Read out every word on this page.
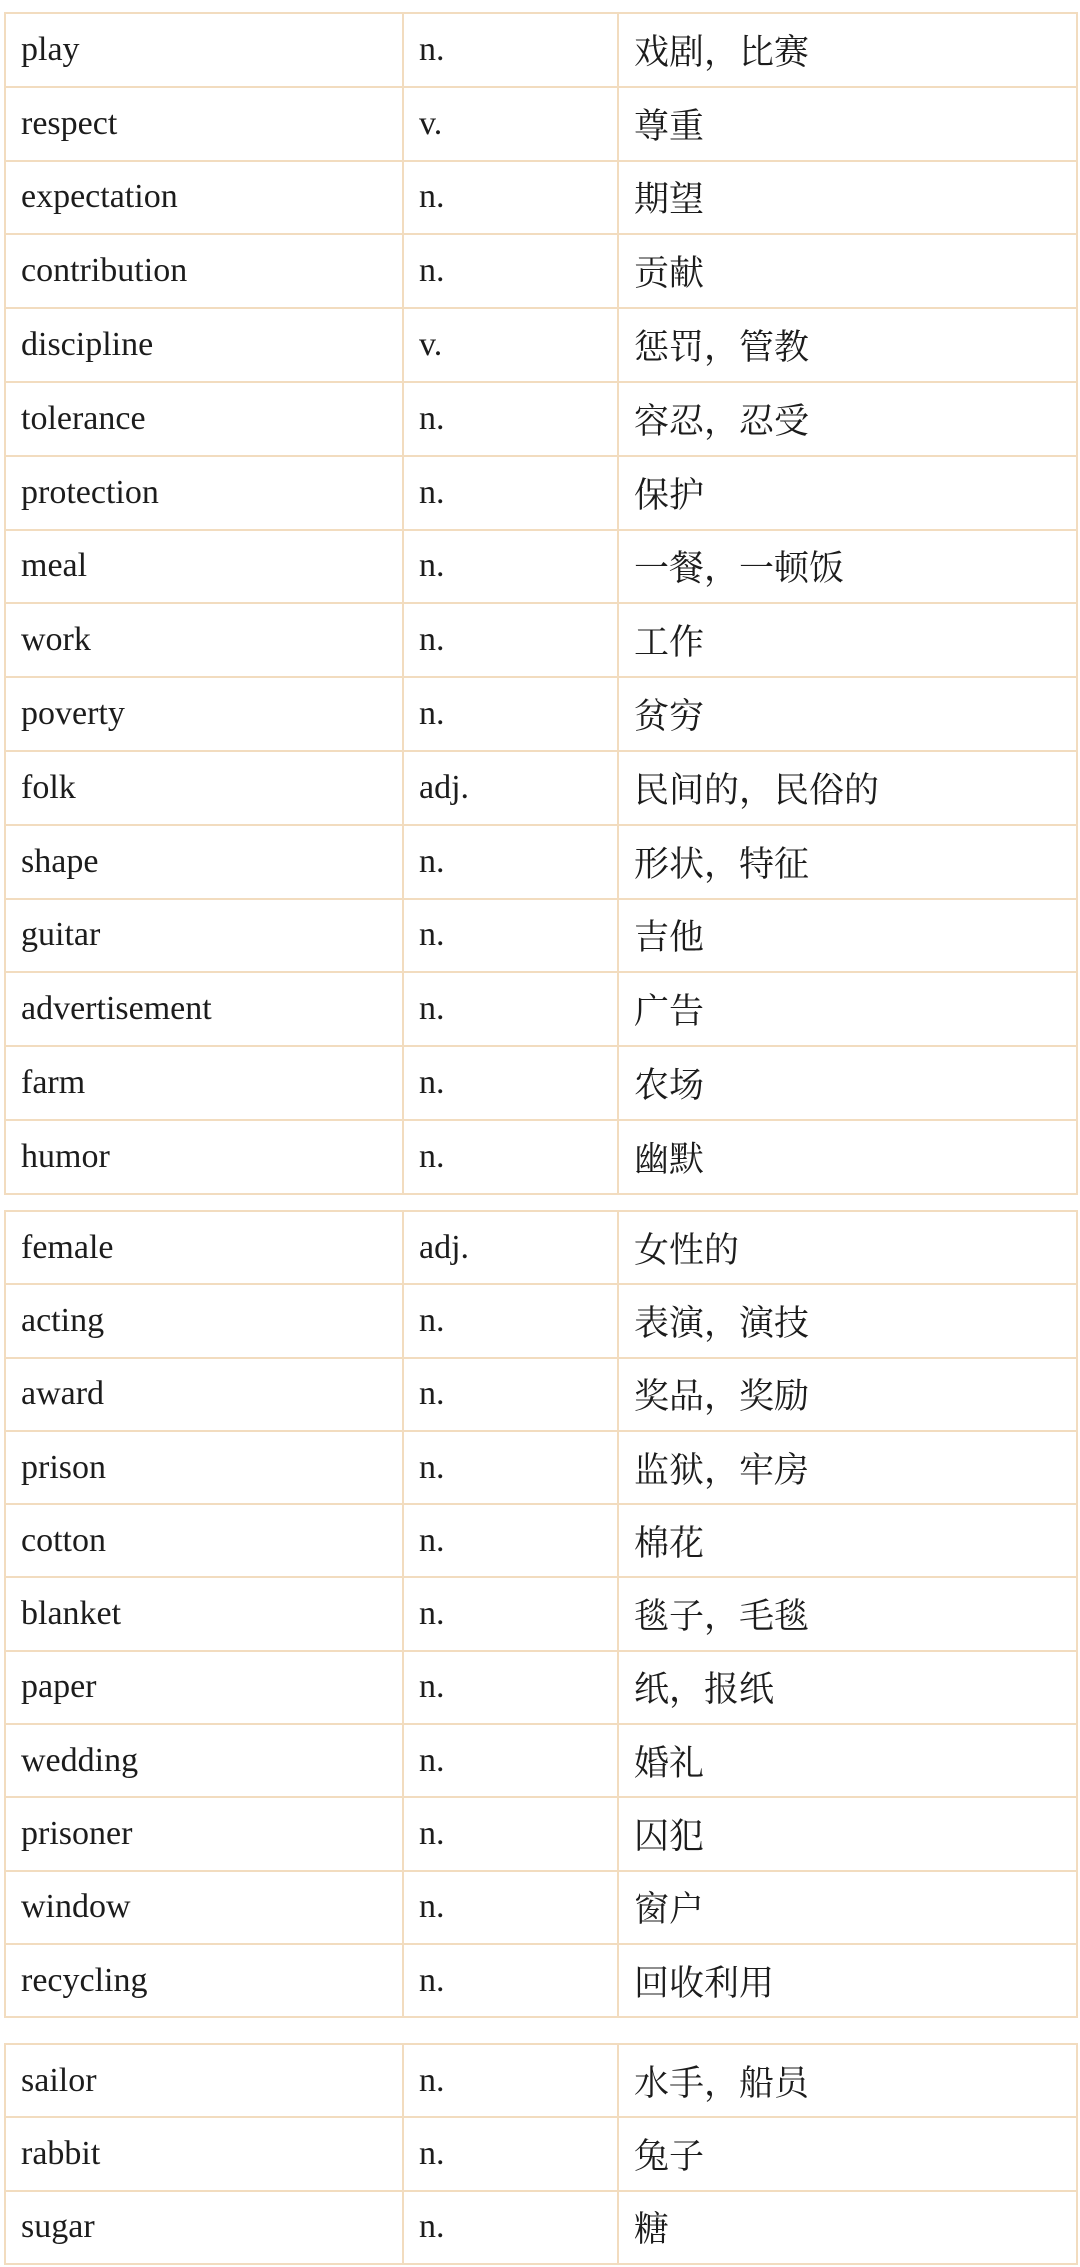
play	n.	戏剧，比赛
respect	v.	尊重
expectation	n.	期望
contribution	n.	贡献
discipline	v.	惩罚，管教
tolerance	n.	容忍，忍受
protection	n.	保护
meal	n.	一餐，一顿饭
work	n.	工作
poverty	n.	贫穷
folk	adj.	民间的，民俗的
shape	n.	形状，特征
guitar	n.	吉他
advertisement	n.	广告
farm	n.	农场
humor	n.	幽默
female	adj.	女性的
acting	n.	表演，演技
award	n.	奖品，奖励
prison	n.	监狱，牢房
cotton	n.	棉花
blanket	n.	毯子，毛毯
paper	n.	纸，报纸
wedding	n.	婚礼
prisoner	n.	囚犯
window	n.	窗户
recycling	n.	回收利用
sailor	n.	水手，船员
rabbit	n.	兔子
sugar	n.	糖
